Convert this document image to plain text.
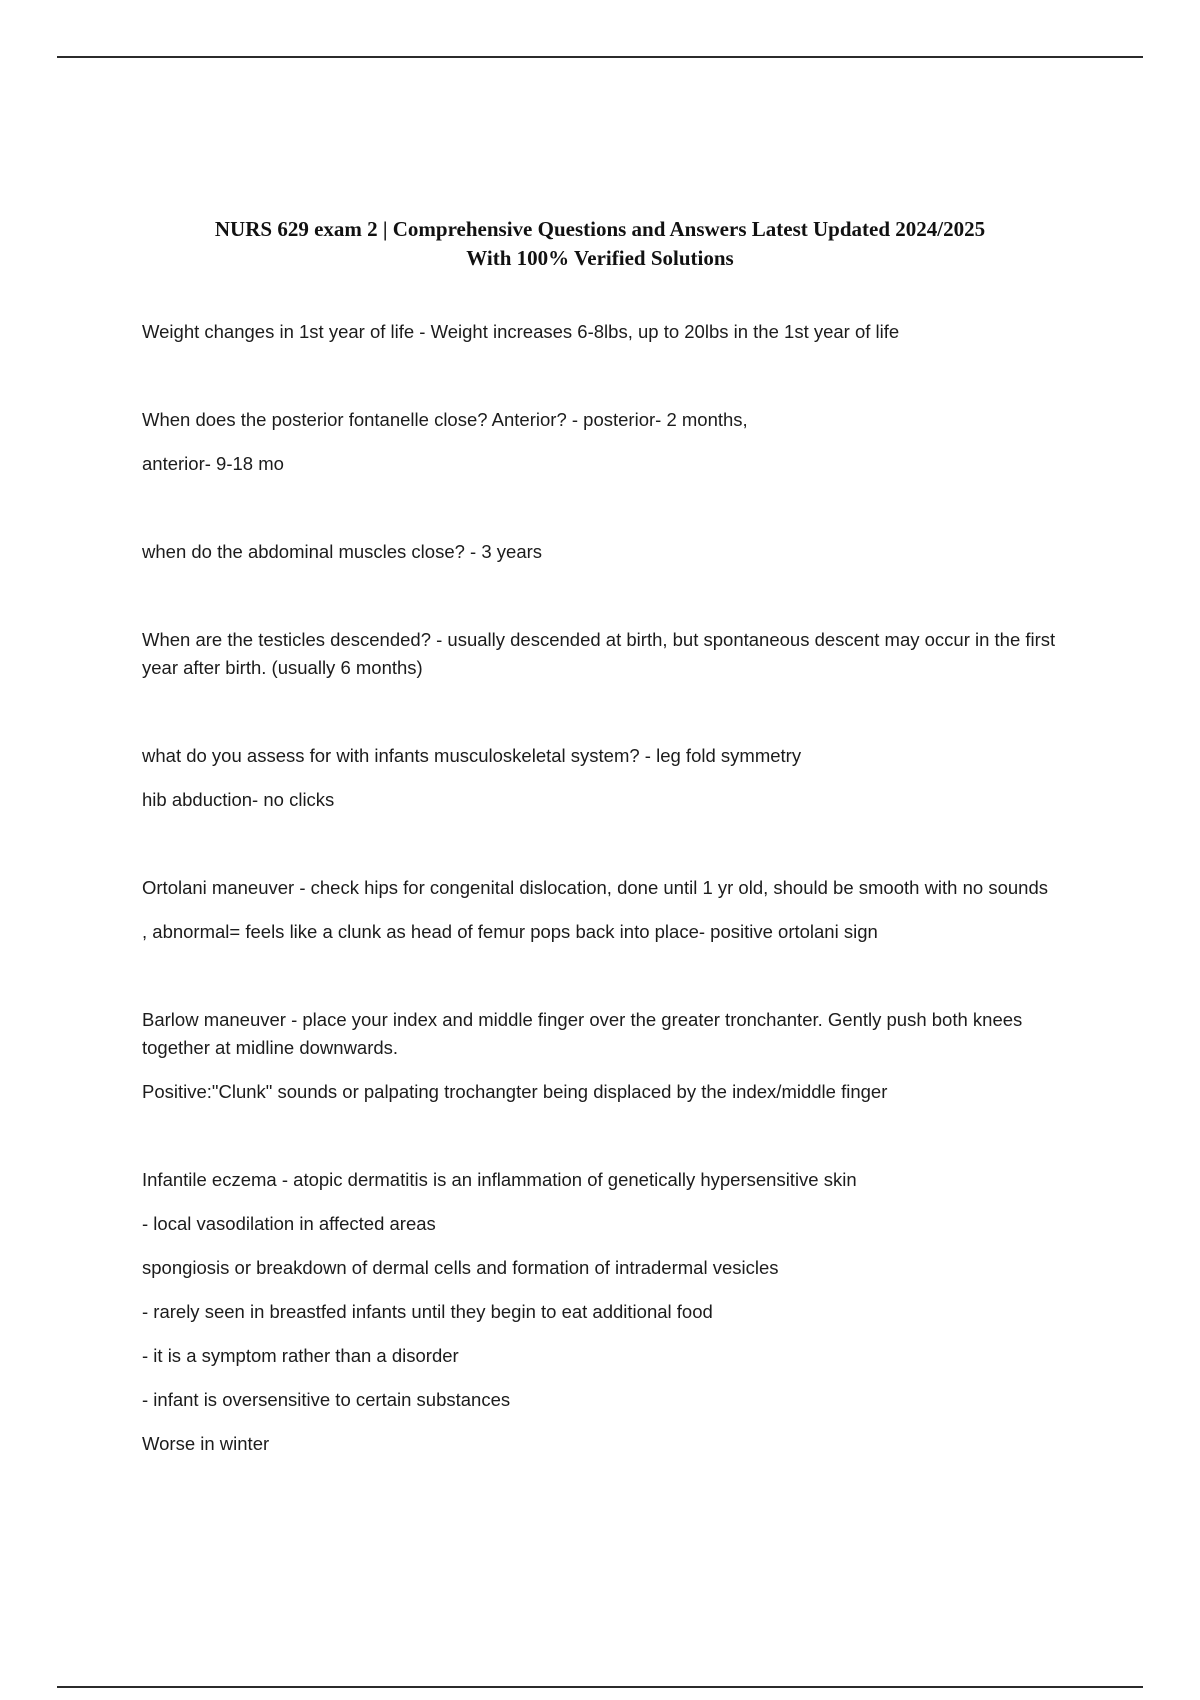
NURS 629 exam 2 | Comprehensive Questions and Answers Latest Updated 2024/2025
With 100% Verified Solutions

Weight changes in 1st year of life - Weight increases 6-8lbs, up to 20lbs in the 1st year of life

When does the posterior fontanelle close? Anterior? - posterior- 2 months,

anterior- 9-18 mo

when do the abdominal muscles close? - 3 years

When are the testicles descended? - usually descended at birth, but spontaneous descent may occur in the first year after birth. (usually 6 months)

what do you assess for with infants musculoskeletal system? - leg fold symmetry

hib abduction- no clicks

Ortolani maneuver - check hips for congenital dislocation, done until 1 yr old, should be smooth with no sounds

, abnormal= feels like a clunk as head of femur pops back into place- positive ortolani sign

Barlow maneuver - place your index and middle finger over the greater tronchanter. Gently push both knees together at midline downwards.

Positive:"Clunk" sounds or palpating trochangter being displaced by the index/middle finger

Infantile eczema - atopic dermatitis is an inflammation of genetically hypersensitive skin

- local vasodilation in affected areas

spongiosis or breakdown of dermal cells and formation of intradermal vesicles

- rarely seen in breastfed infants until they begin to eat additional food

- it is a symptom rather than a disorder

- infant is oversensitive to certain substances

Worse in winter
